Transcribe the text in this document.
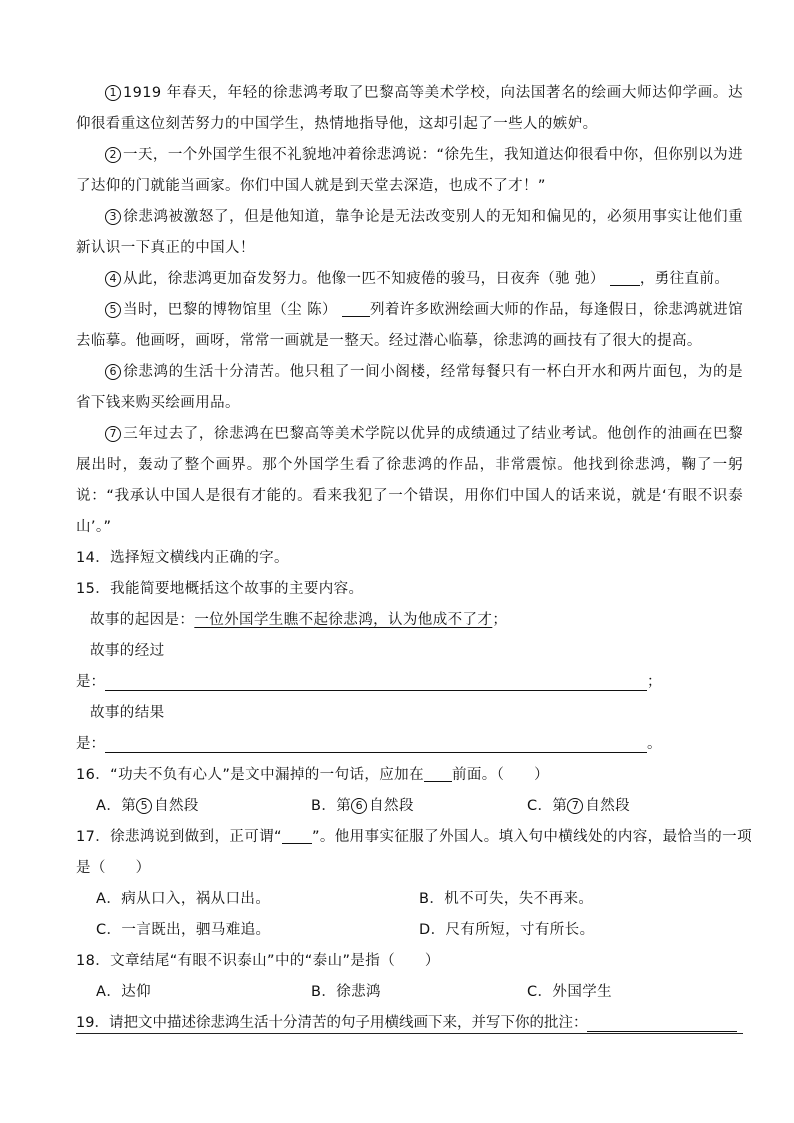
1 1919 年春天，年轻的徐悲鸿考取了巴黎高等美术学校，向法国著名的绘画大师达仰学画。达仰很看重这位刻苦努力的中国学生，热情地指导他，这却引起了一些人的嫉妒。

2 一天，一个外国学生很不礼貌地冲着徐悲鸿说：“徐先生，我知道达仰很看中你，但你别以为进了达仰的门就能当画家。你们中国人就是到天堂去深造，也成不了才！”

3 徐悲鸿被激怒了，但是他知道，靠争论是无法改变别人的无知和偏见的，必须用事实让他们重新认识一下真正的中国人！

4 从此，徐悲鸿更加奋发努力。他像一匹不知疲倦的骏马，日夜奔（驰 弛） ，勇往直前。

5 当时，巴黎的博物馆里（尘 陈） 列着许多欧洲绘画大师的作品，每逢假日，徐悲鸿就进馆去临摹。他画呀，画呀，常常一画就是一整天。经过潜心临摹，徐悲鸿的画技有了很大的提高。

6 徐悲鸿的生活十分清苦。他只租了一间小阁楼，经常每餐只有一杯白开水和两片面包，为的是省下钱来购买绘画用品。

7 三年过去了，徐悲鸿在巴黎高等美术学院以优异的成绩通过了结业考试。他创作的油画在巴黎展出时，轰动了整个画界。那个外国学生看了徐悲鸿的作品，非常震惊。他找到徐悲鸿，鞠了一躬说：“我承认中国人是很有才能的。看来我犯了一个错误，用你们中国人的话来说，就是‘有眼不识泰山’。”

14．选择短文横线内正确的字。

15．我能简要地概括这个故事的主要内容。

故事的起因是：一位外国学生瞧不起徐悲鸿，认为他成不了才；

故事的经过

是：	；

故事的结果

是：	。

16．“功夫不负有心人”是文中漏掉的一句话，应加在 前面。（　　）

A．第 5 自然段	B．第 6 自然段	C．第 7 自然段

17．徐悲鸿说到做到，正可谓“ ”。他用事实征服了外国人。填入句中横线处的内容，最恰当的一项

是（　　）

A．病从口入，祸从口出。	B．机不可失，失不再来。
C．一言既出，驷马难追。	D．尺有所短，寸有所长。

18．文章结尾“有眼不识泰山”中的“泰山”是指（　　）

A．达仰	B．徐悲鸿	C．外国学生
19．请把文中描述徐悲鸿生活十分清苦的句子用横线画下来，并写下你的批注：
